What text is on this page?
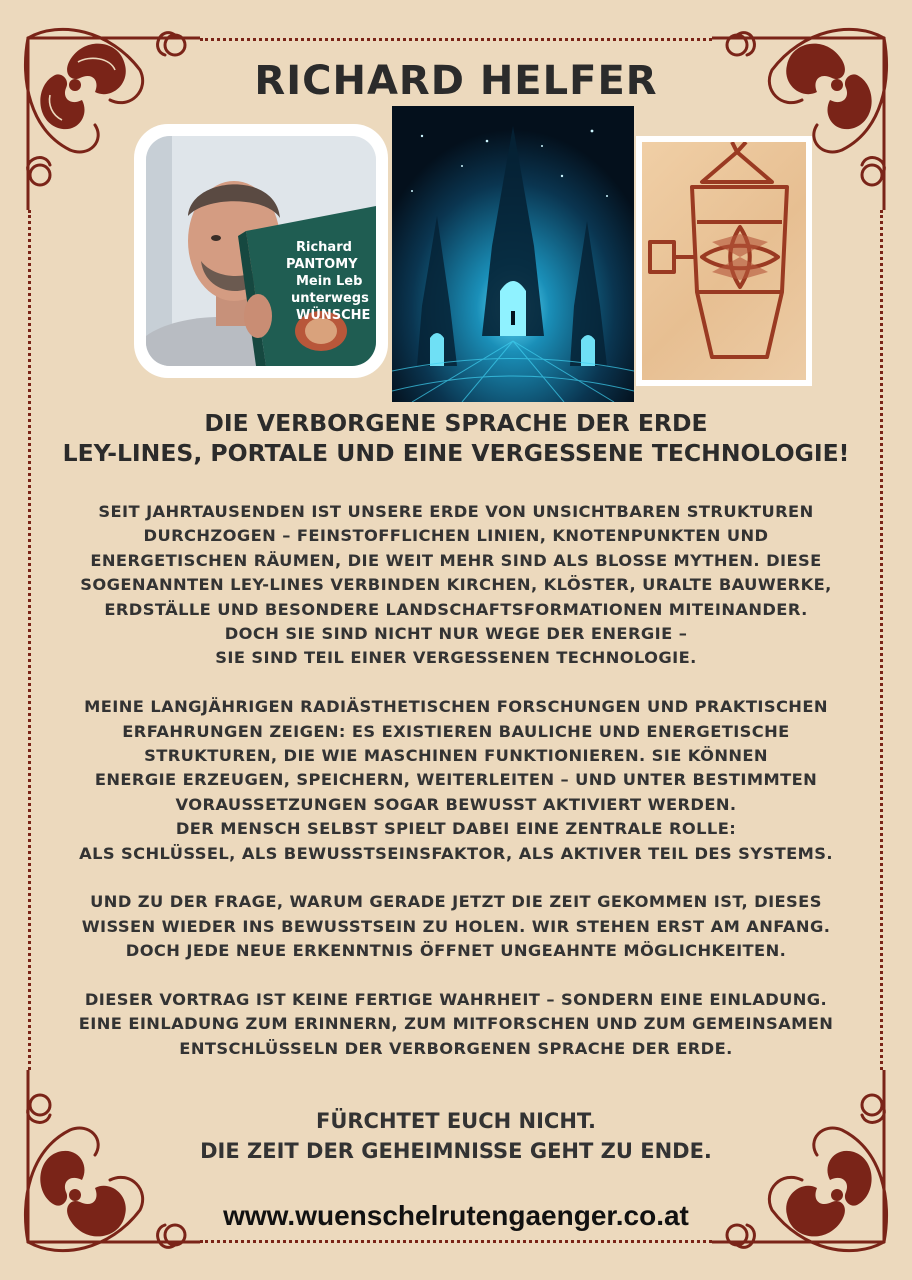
RICHARD HELFER
Richard
PANTOMY
Mein Leb
unterwegs
WÜNSCHE
DIE VERBORGENE SPRACHE DER ERDE
LEY-LINES, PORTALE UND EINE VERGESSENE TECHNOLOGIE!

SEIT JAHRTAUSENDEN IST UNSERE ERDE VON UNSICHTBAREN STRUKTUREN
DURCHZOGEN – FEINSTOFFLICHEN LINIEN, KNOTENPUNKTEN UND
ENERGETISCHEN RÄUMEN, DIE WEIT MEHR SIND ALS BLOSSE MYTHEN. DIESE
SOGENANNTEN LEY-LINES VERBINDEN KIRCHEN, KLÖSTER, URALTE BAUWERKE,
ERDSTÄLLE UND BESONDERE LANDSCHAFTSFORMATIONEN MITEINANDER.
DOCH SIE SIND NICHT NUR WEGE DER ENERGIE –
SIE SIND TEIL EINER VERGESSENEN TECHNOLOGIE.

MEINE LANGJÄHRIGEN RADIÄSTHETISCHEN FORSCHUNGEN UND PRAKTISCHEN
ERFAHRUNGEN ZEIGEN: ES EXISTIEREN BAULICHE UND ENERGETISCHE
STRUKTUREN, DIE WIE MASCHINEN FUNKTIONIEREN. SIE KÖNNEN
ENERGIE ERZEUGEN, SPEICHERN, WEITERLEITEN – UND UNTER BESTIMMTEN
VORAUSSETZUNGEN SOGAR BEWUSST AKTIVIERT WERDEN.
DER MENSCH SELBST SPIELT DABEI EINE ZENTRALE ROLLE:
ALS SCHLÜSSEL, ALS BEWUSSTSEINSFAKTOR, ALS AKTIVER TEIL DES SYSTEMS.

UND ZU DER FRAGE, WARUM GERADE JETZT DIE ZEIT GEKOMMEN IST, DIESES
WISSEN WIEDER INS BEWUSSTSEIN ZU HOLEN. WIR STEHEN ERST AM ANFANG.
DOCH JEDE NEUE ERKENNTNIS ÖFFNET UNGEAHNTE MÖGLICHKEITEN.

DIESER VORTRAG IST KEINE FERTIGE WAHRHEIT – SONDERN EINE EINLADUNG.
EINE EINLADUNG ZUM ERINNERN, ZUM MITFORSCHEN UND ZUM GEMEINSAMEN
ENTSCHLÜSSELN DER VERBORGENEN SPRACHE DER ERDE.

FÜRCHTET EUCH NICHT.
DIE ZEIT DER GEHEIMNISSE GEHT ZU ENDE.
www.wuenschelrutengaenger.co.at
